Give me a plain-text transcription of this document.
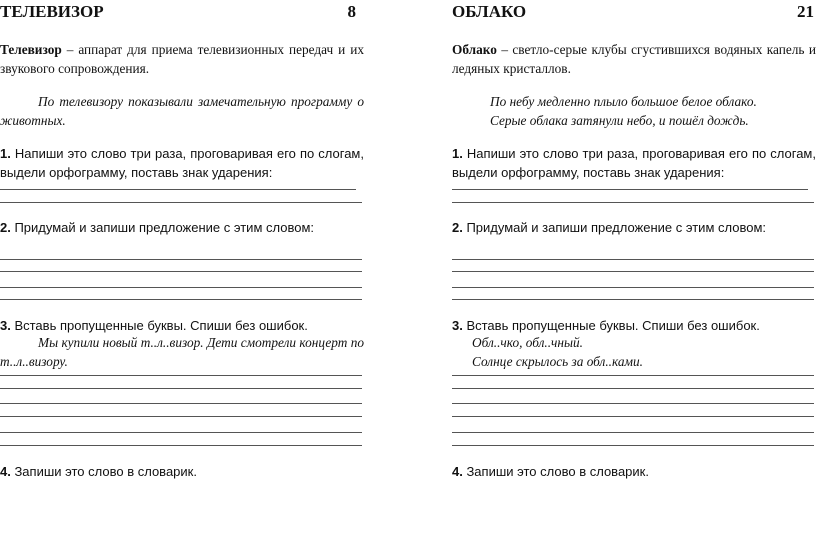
ТЕЛЕВИЗОР	8
Телевизор – аппарат для приема телевизионных передач и их звукового сопровождения.
По телевизору показывали замечательную программу о животных.
1. Напиши это слово три раза, проговаривая его по слогам, выдели орфограмму, поставь знак ударения:
2. Придумай и запиши предложение с этим словом:
3. Вставь пропущенные буквы. Спиши без ошибок.
Мы купили новый т..л..визор. Дети смотрели концерт по т..л..визору.
4. Запиши это слово в словарик.
ОБЛАКО	21
Облако – светло-серые клубы сгустившихся водяных капель и ледяных кристаллов.
По небу медленно плыло большое белое облако.
Серые облака затянули небо, и пошёл дождь.
1. Напиши это слово три раза, проговаривая его по слогам, выдели орфограмму, поставь знак ударения:
2. Придумай и запиши предложение с этим словом:
3. Вставь пропущенные буквы. Спиши без ошибок.
Обл..чко, обл..чный.
Солнце скрылось за обл..ками.
4. Запиши это слово в словарик.
